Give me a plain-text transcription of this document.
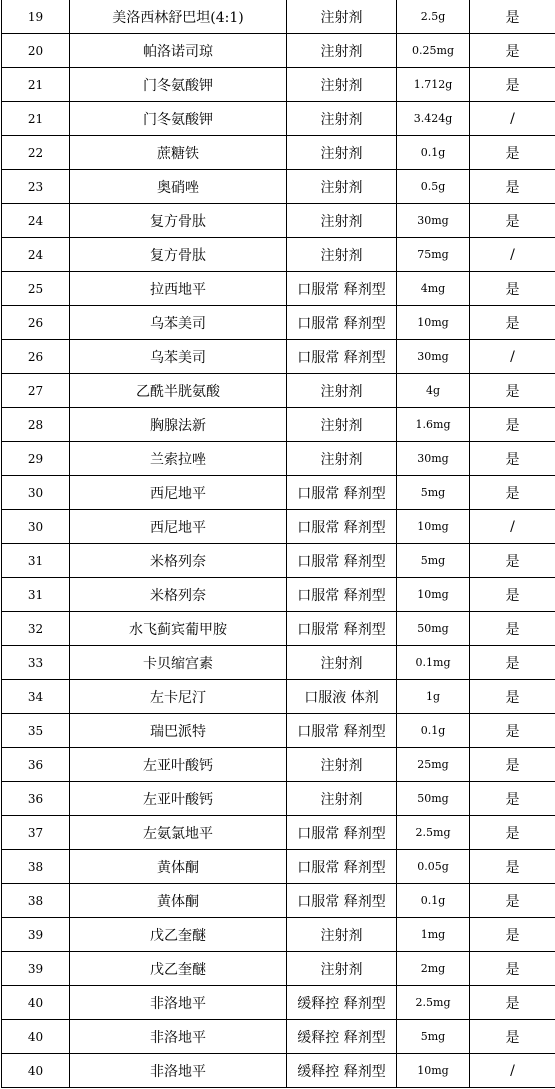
19	美洛西林舒巴坦(4:1)	注射剂	2.5g	是
20	帕洛诺司琼	注射剂	0.25mg	是
21	门冬氨酸钾	注射剂	1.712g	是
21	门冬氨酸钾	注射剂	3.424g	/
22	蔗糖铁	注射剂	0.1g	是
23	奥硝唑	注射剂	0.5g	是
24	复方骨肽	注射剂	30mg	是
24	复方骨肽	注射剂	75mg	/
25	拉西地平	口服常 释剂型	4mg	是
26	乌苯美司	口服常 释剂型	10mg	是
26	乌苯美司	口服常 释剂型	30mg	/
27	乙酰半胱氨酸	注射剂	4g	是
28	胸腺法新	注射剂	1.6mg	是
29	兰索拉唑	注射剂	30mg	是
30	西尼地平	口服常 释剂型	5mg	是
30	西尼地平	口服常 释剂型	10mg	/
31	米格列奈	口服常 释剂型	5mg	是
31	米格列奈	口服常 释剂型	10mg	是
32	水飞蓟宾葡甲胺	口服常 释剂型	50mg	是
33	卡贝缩宫素	注射剂	0.1mg	是
34	左卡尼汀	口服液 体剂	1g	是
35	瑞巴派特	口服常 释剂型	0.1g	是
36	左亚叶酸钙	注射剂	25mg	是
36	左亚叶酸钙	注射剂	50mg	是
37	左氨氯地平	口服常 释剂型	2.5mg	是
38	黄体酮	口服常 释剂型	0.05g	是
38	黄体酮	口服常 释剂型	0.1g	是
39	戊乙奎醚	注射剂	1mg	是
39	戊乙奎醚	注射剂	2mg	是
40	非洛地平	缓释控 释剂型	2.5mg	是
40	非洛地平	缓释控 释剂型	5mg	是
40	非洛地平	缓释控 释剂型	10mg	/
